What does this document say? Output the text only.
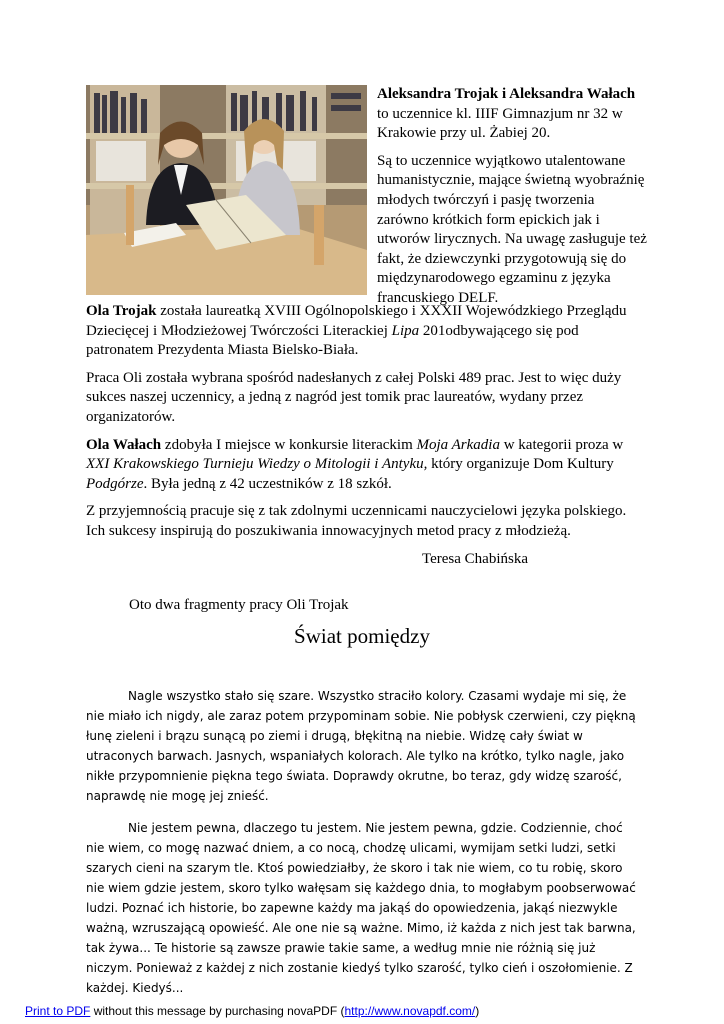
Aleksandra Trojak i Aleksandra Wałach to uczennice kl. IIIF Gimnazjum nr 32 w Krakowie przy ul. Żabiej 20.

Są to uczennice wyjątkowo utalentowane humanistycznie, mające świetną wyobraźnię młodych twórczyń i pasję tworzenia zarówno krótkich form epickich jak i utworów lirycznych. Na uwagę zasługuje też fakt, że dziewczynki przygotowują się do międzynarodowego egzaminu z języka francuskiego DELF.

Ola Trojak została laureatką XVIII Ogólnopolskiego i XXXII Wojewódzkiego Przeglądu Dziecięcej i Młodzieżowej Twórczości Literackiej Lipa 201odbywającego się pod patronatem Prezydenta Miasta Bielsko-Biała.

Praca Oli została wybrana spośród nadesłanych z całej Polski 489 prac. Jest to więc duży sukces naszej uczennicy, a jedną z nagród jest tomik prac laureatów, wydany przez organizatorów.

Ola Wałach zdobyła I miejsce w konkursie literackim Moja Arkadia w kategorii proza w XXI Krakowskiego Turnieju Wiedzy o Mitologii i Antyku, który organizuje Dom Kultury Podgórze. Była jedną z 42 uczestników z 18 szkół.

Z przyjemnością pracuje się z tak zdolnymi uczennicami nauczycielowi języka polskiego. Ich sukcesy inspirują do poszukiwania innowacyjnych metod pracy z młodzieżą.

Teresa Chabińska

Oto dwa fragmenty pracy Oli Trojak
Świat pomiędzy

Nagle wszystko stało się szare. Wszystko straciło kolory. Czasami wydaje mi się, że nie miało ich nigdy, ale zaraz potem przypominam sobie. Nie pobłysk czerwieni, czy piękną łunę zieleni i brązu sunącą po ziemi i drugą, błękitną na niebie. Widzę cały świat w utraconych barwach. Jasnych, wspaniałych kolorach. Ale tylko na krótko, tylko nagle, jako nikłe przypomnienie piękna tego świata. Doprawdy okrutne, bo teraz, gdy widzę szarość, naprawdę nie mogę jej znieść.

Nie jestem pewna, dlaczego tu jestem. Nie jestem pewna, gdzie. Codziennie, choć nie wiem, co mogę nazwać dniem, a co nocą, chodzę ulicami, wymijam setki ludzi, setki szarych cieni na szarym tle. Ktoś powiedziałby, że skoro i tak nie wiem, co tu robię, skoro nie wiem gdzie jestem, skoro tylko wałęsam się każdego dnia, to mogłabym poobserwować ludzi. Poznać ich historie, bo zapewne każdy ma jakąś do opowiedzenia, jakąś niezwykle ważną, wzruszającą opowieść. Ale one nie są ważne. Mimo, iż każda z nich jest tak barwna, tak żywa... Te historie są zawsze prawie takie same, a według mnie nie różnią się już niczym. Ponieważ z każdej z nich zostanie kiedyś tylko szarość, tylko cień i oszołomienie. Z każdej. Kiedyś...

Print to PDF without this message by purchasing novaPDF (http://www.novapdf.com/)
